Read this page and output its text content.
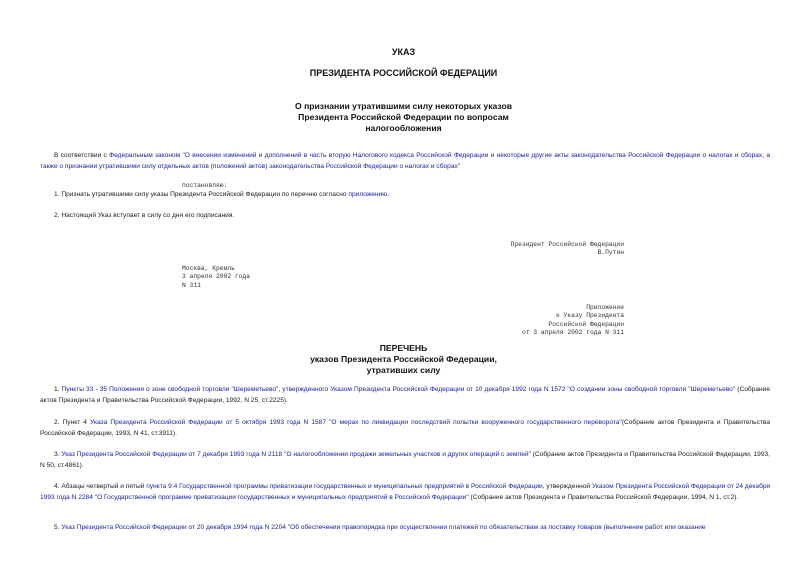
УКАЗ
ПРЕЗИДЕНТА РОССИЙСКОЙ ФЕДЕРАЦИИ
О признании утратившими силу некоторых указов
Президента Российской Федерации по вопросам
налогообложения

В соответствии с Федеральным законом "О внесении изменений и дополнений в часть вторую Налогового кодекса Российской Федерации и некоторые другие акты законодательства Российской Федерации о налогах и сборах, а также о признании утратившими силу отдельных актов (положений актов) законодательства Российской Федерации о налогах и сборах"

постановляю:
1. Признать утратившими силу указы Президента Российской Федерации по перечню согласно приложению.
2. Настоящий Указ вступает в силу со дня его подписания.
Президент Российской Федерации
В.Путин
Москва, Кремль
3 апреля 2002 года
N 311
Приложение
к Указу Президента
Российской Федерации
от 3 апреля 2002 года N 311
ПЕРЕЧЕНЬ
указов Президента Российской Федерации,
утративших силу

1. Пункты 33 - 35 Положения о зоне свободной торговли "Шереметьево", утвержденного Указом Президента Российской Федерации от 10 декабря 1992 года N 1572 "О создании зоны свободной торговли "Шереметьево" (Собрание актов Президента и Правительства Российской Федерации, 1992, N 25, ст.2225).

2. Пункт 4 Указа Президента Российской Федерации от 5 октября 1993 года N 1587 "О мерах по ликвидации последствий попытки вооруженного государственного переворота"(Собрание актов Президента и Правительства Российской Федерации, 1993, N 41, ст.3911).

3. Указ Президента Российской Федерации от 7 декабря 1993 года N 2118 "О налогообложении продажи земельных участков и других операций с землей" (Собрание актов Президента и Правительства Российской Федерации, 1993, N 50, ст.4861).

4. Абзацы четвертый и пятый пункта 9.4 Государственной программы приватизации государственных и муниципальных предприятий в Российской Федерации, утвержденной Указом Президента Российской Федерации от 24 декабря 1993 года N 2284 "О Государственной программе приватизации государственных и муниципальных предприятий в Российской Федерации" (Собрание актов Президента и Правительства Российской Федерации, 1994, N 1, ст.2).

5. Указ Президента Российской Федерации от 20 декабря 1994 года N 2204 "Об обеспечении правопорядка при осуществлении платежей по обязательствам за поставку товаров (выполнение работ или оказание
